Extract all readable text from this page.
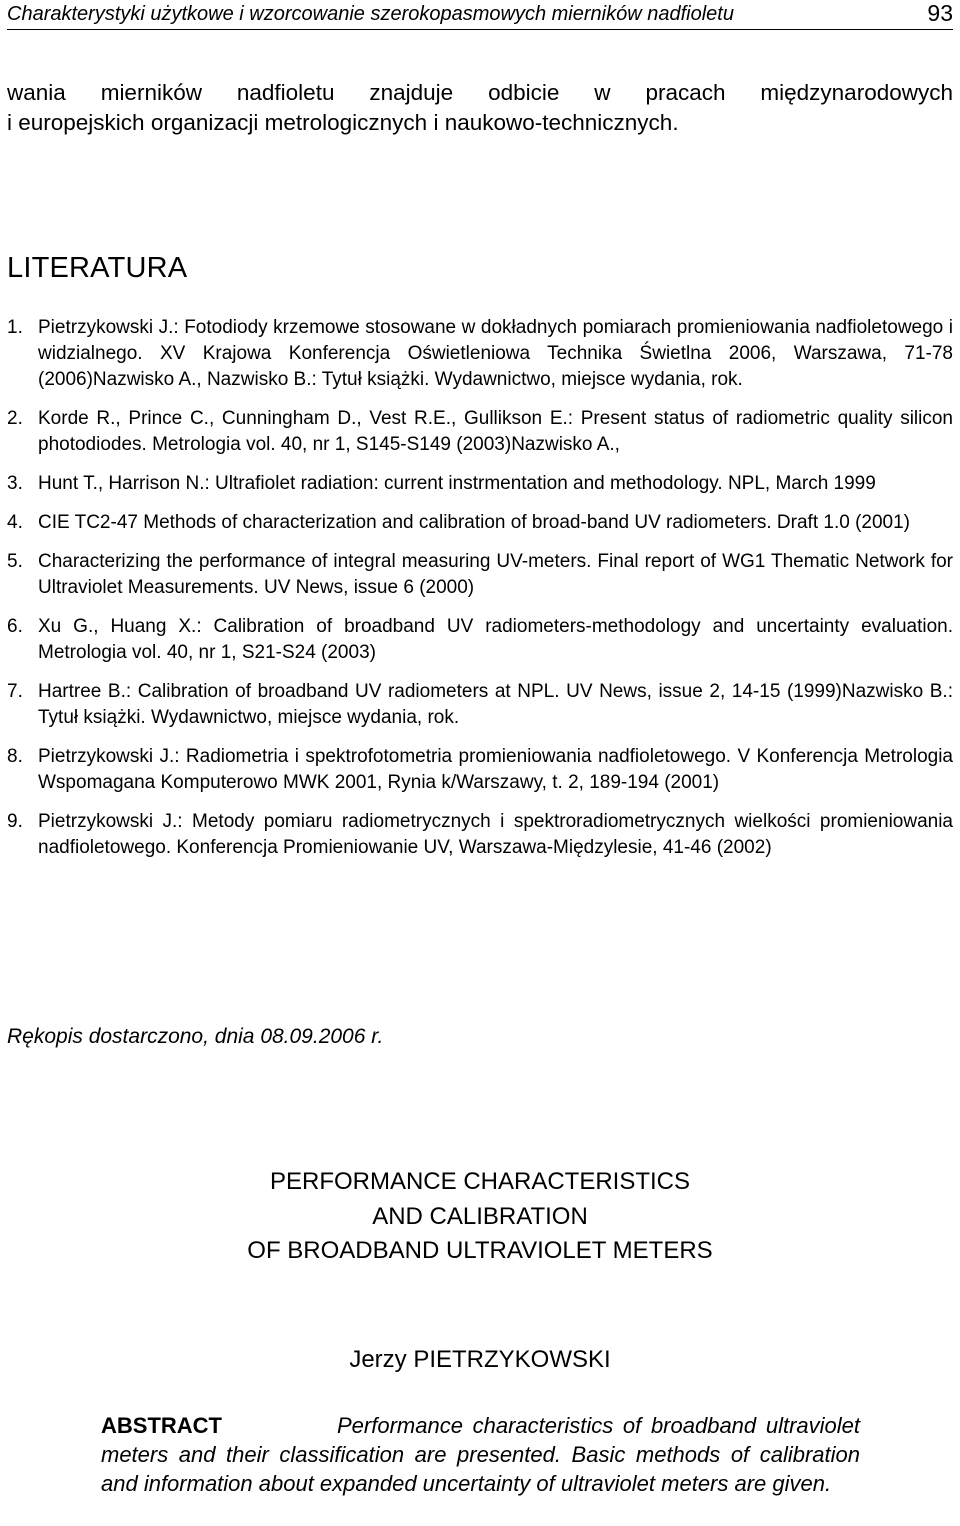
Charakterystyki użytkowe i wzorcowanie szerokopasmowych mierników nadfioletu	93
wania mierników nadfioletu znajduje odbicie w pracach międzynarodowych
i europejskich organizacji metrologicznych i naukowo-technicznych.
LITERATURA
1. Pietrzykowski J.: Fotodiody krzemowe stosowane w dokładnych pomiarach promieniowania nadfioletowego i widzialnego. XV Krajowa Konferencja Oświetleniowa Technika Świetlna 2006, Warszawa, 71-78 (2006)Nazwisko A., Nazwisko B.: Tytuł książki. Wydawnictwo, miejsce wydania, rok.
2. Korde R., Prince C., Cunningham D., Vest R.E., Gullikson E.: Present status of radiometric quality silicon photodiodes. Metrologia vol. 40, nr 1, S145-S149 (2003)Nazwisko A.,
3. Hunt T., Harrison N.: Ultrafiolet radiation: current instrmentation and methodology. NPL, March 1999
4. CIE TC2-47 Methods of characterization and calibration of broad-band UV radiometers. Draft 1.0 (2001)
5. Characterizing the performance of integral measuring UV-meters. Final report of WG1 Thematic Network for Ultraviolet Measurements. UV News, issue 6 (2000)
6. Xu G., Huang X.: Calibration of broadband UV radiometers-methodology and uncertainty evaluation. Metrologia vol. 40, nr 1, S21-S24 (2003)
7. Hartree B.: Calibration of broadband UV radiometers at NPL. UV News, issue 2, 14-15 (1999)Nazwisko B.: Tytuł książki. Wydawnictwo, miejsce wydania, rok.
8. Pietrzykowski J.: Radiometria i spektrofotometria promieniowania nadfioletowego. V Konferencja Metrologia Wspomagana Komputerowo MWK 2001, Rynia k/Warszawy, t. 2, 189-194 (2001)
9. Pietrzykowski J.: Metody pomiaru radiometrycznych i spektroradiometrycznych wielkości promieniowania nadfioletowego. Konferencja Promieniowanie UV, Warszawa-Międzylesie, 41-46 (2002)
Rękopis dostarczono, dnia 08.09.2006 r.
PERFORMANCE CHARACTERISTICS
AND CALIBRATION
OF BROADBAND ULTRAVIOLET METERS
Jerzy PIETRZYKOWSKI
ABSTRACT	Performance characteristics of broadband ultraviolet meters and their classification are presented. Basic methods of calibration and information about expanded uncertainty of ultraviolet meters are given.
